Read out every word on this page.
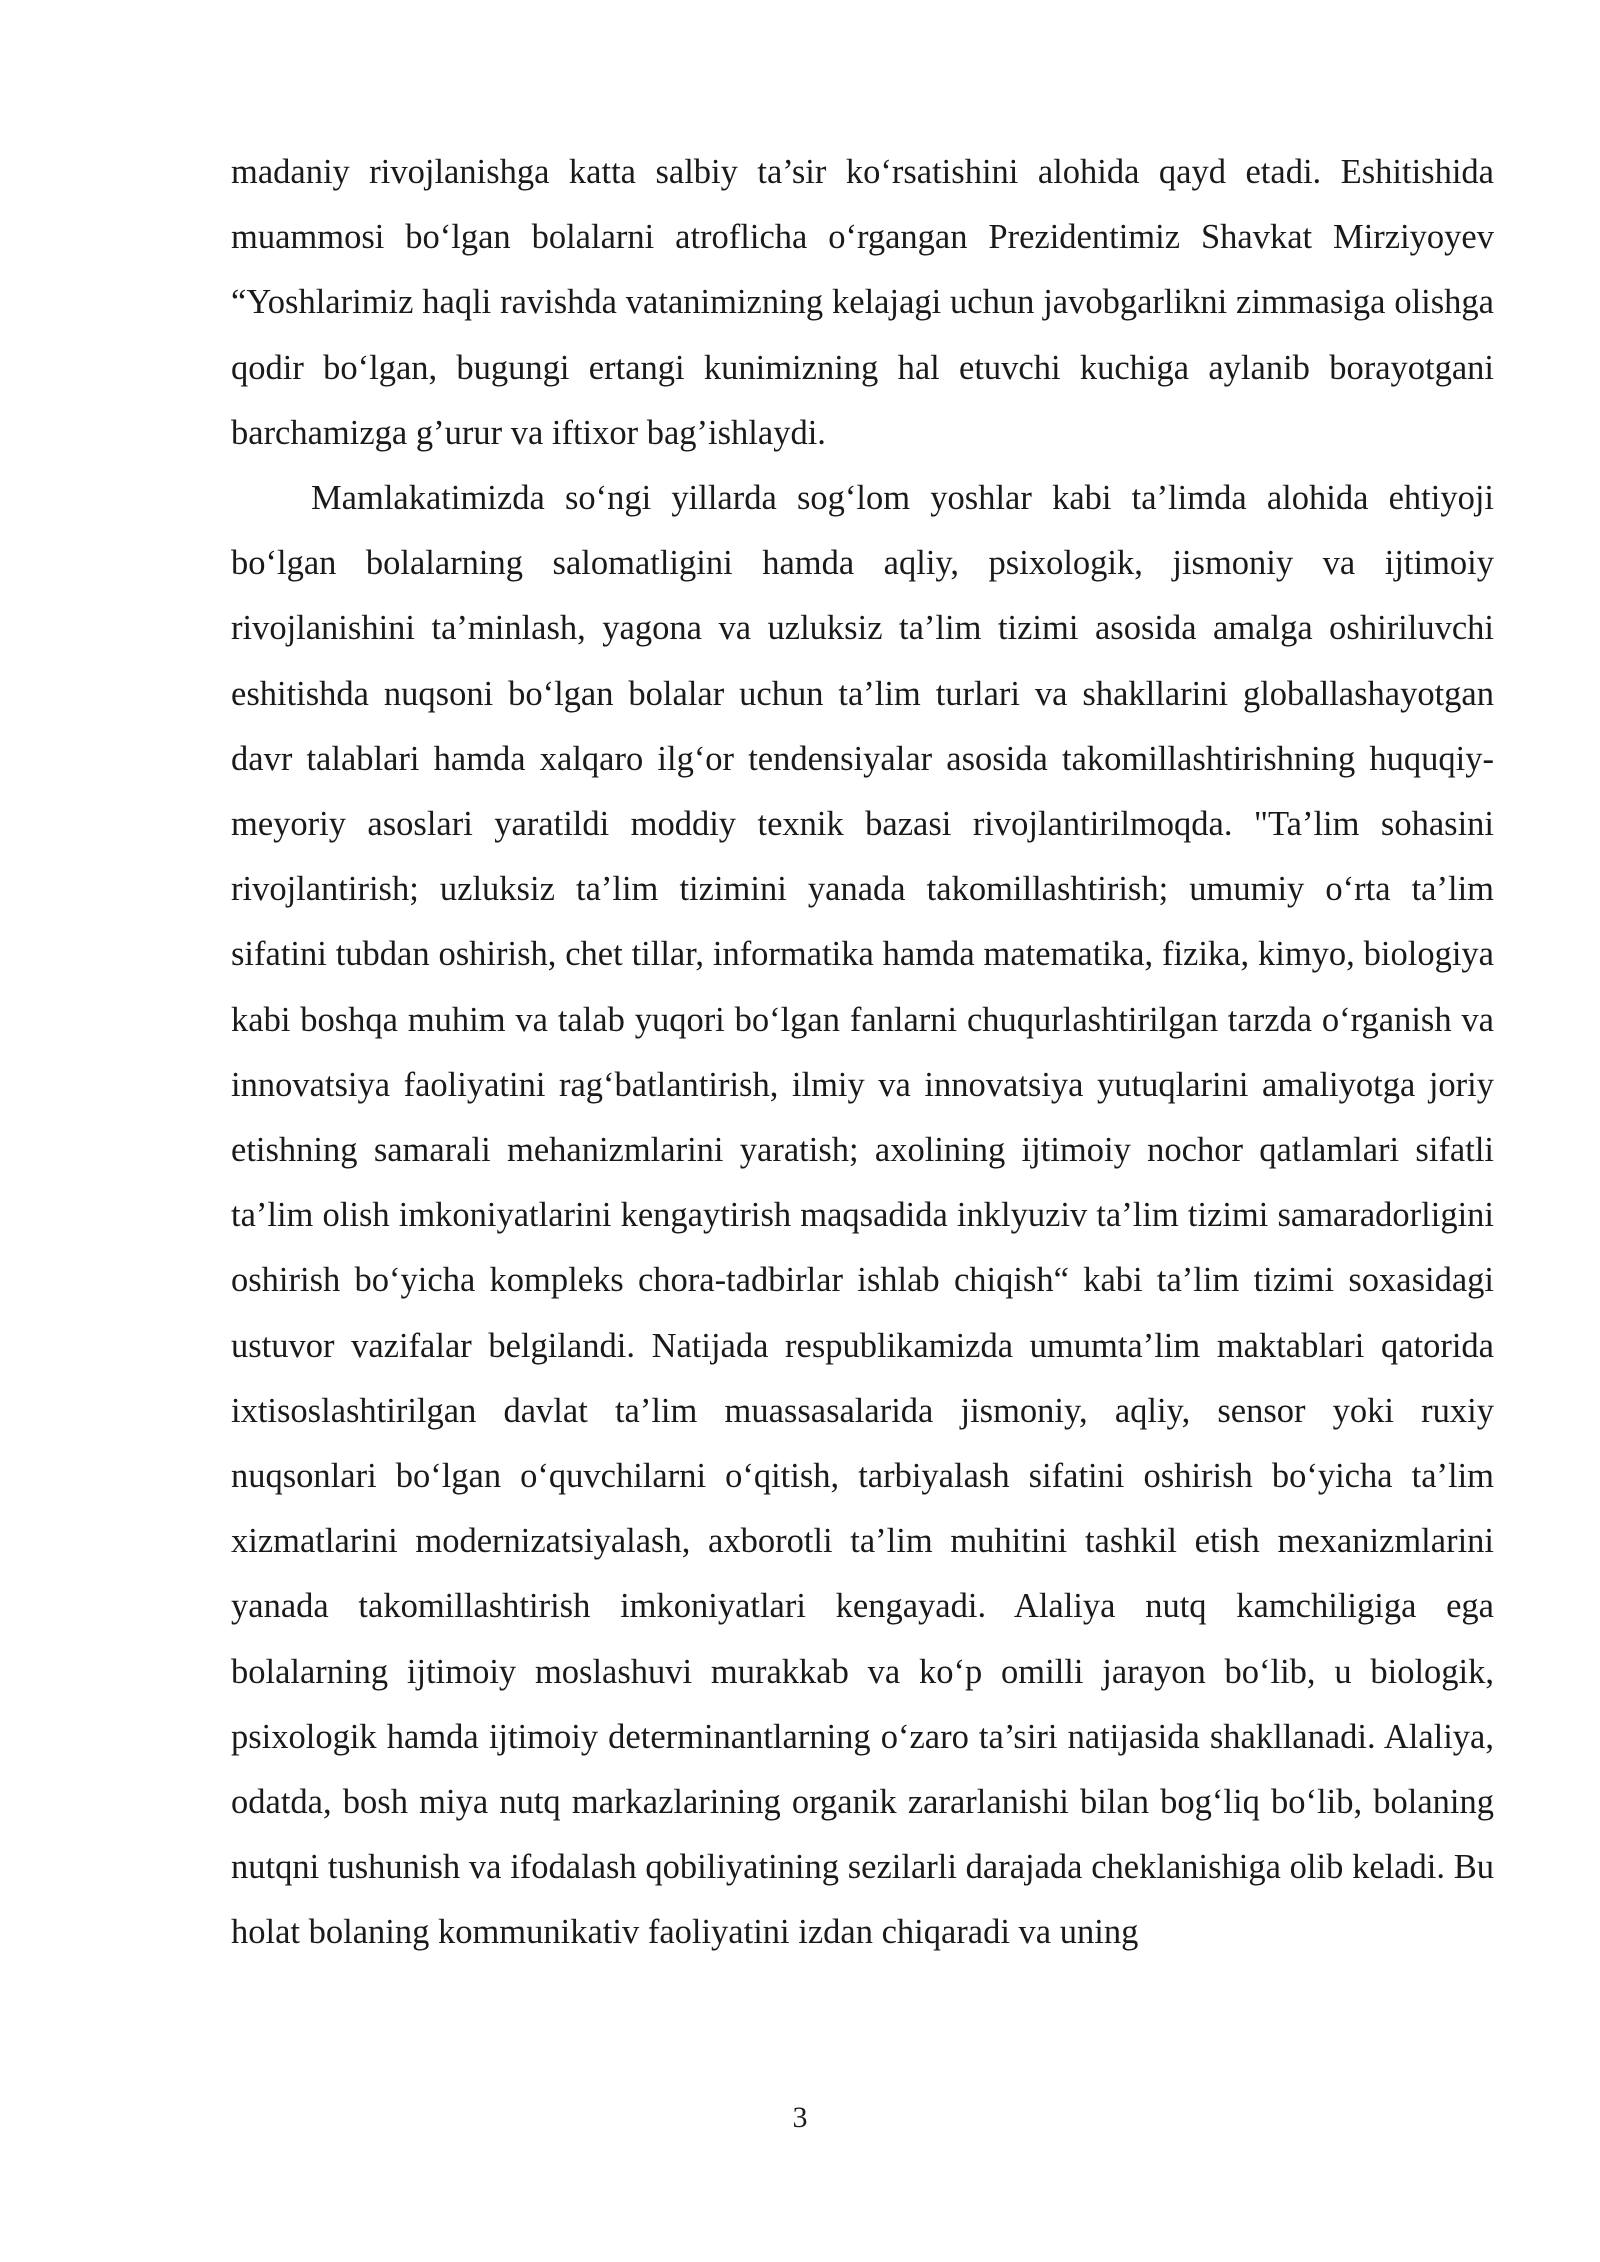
madaniy rivojlanishga katta salbiy ta’sir ko‘rsatishini alohida qayd etadi. Eshitishida muammosi bo‘lgan bolalarni atroflicha o‘rgangan Prezidentimiz Shavkat Mirziyoyev “Yoshlarimiz haqli ravishda vatanimizning kelajagi uchun javobgarlikni zimmasiga olishga qodir bo‘lgan, bugungi ertangi kunimizning hal etuvchi kuchiga aylanib borayotgani barchamizga g’urur va iftixor bag’ishlaydi.

Mamlakatimizda so‘ngi yillarda sog‘lom yoshlar kabi ta’limda alohida ehtiyoji bo‘lgan bolalarning salomatligini hamda aqliy, psixologik, jismoniy va ijtimoiy rivojlanishini ta’minlash, yagona va uzluksiz ta’lim tizimi asosida amalga oshiriluvchi eshitishda nuqsoni bo‘lgan bolalar uchun ta’lim turlari va shakllarini globallashayotgan davr talablari hamda xalqaro ilg‘or tendensiyalar asosida takomillashtirishning huquqiy-meyoriy asoslari yaratildi moddiy texnik bazasi rivojlantirilmoqda. "Ta’lim sohasini rivojlantirish; uzluksiz ta’lim tizimini yanada takomillashtirish; umumiy o‘rta ta’lim sifatini tubdan oshirish, chet tillar, informatika hamda matematika, fizika, kimyo, biologiya kabi boshqa muhim va talab yuqori bo‘lgan fanlarni chuqurlashtirilgan tarzda o‘rganish va innovatsiya faoliyatini rag‘batlantirish, ilmiy va innovatsiya yutuqlarini amaliyotga joriy etishning samarali mehanizmlarini yaratish; axolining ijtimoiy nochor qatlamlari sifatli ta’lim olish imkoniyatlarini kengaytirish maqsadida inklyuziv ta’lim tizimi samaradorligini oshirish bo‘yicha kompleks chora-tadbirlar ishlab chiqish“ kabi ta’lim tizimi soxasidagi ustuvor vazifalar belgilandi. Natijada respublikamizda umumta’lim maktablari qatorida ixtisoslashtirilgan davlat ta’lim muassasalarida jismoniy, aqliy, sensor yoki ruxiy nuqsonlari bo‘lgan o‘quvchilarni o‘qitish, tarbiyalash sifatini oshirish bo‘yicha ta’lim xizmatlarini modernizatsiyalash, axborotli ta’lim muhitini tashkil etish mexanizmlarini yanada takomillashtirish imkoniyatlari kengayadi. Alaliya nutq kamchiligiga ega bolalarning ijtimoiy moslashuvi murakkab va ko‘p omilli jarayon bo‘lib, u biologik, psixologik hamda ijtimoiy determinantlarning o‘zaro ta’siri natijasida shakllanadi. Alaliya, odatda, bosh miya nutq markazlarining organik zararlanishi bilan bog‘liq bo‘lib, bolaning nutqni tushunish va ifodalash qobiliyatining sezilarli darajada cheklanishiga olib keladi. Bu holat bolaning kommunikativ faoliyatini izdan chiqaradi va uning

3
